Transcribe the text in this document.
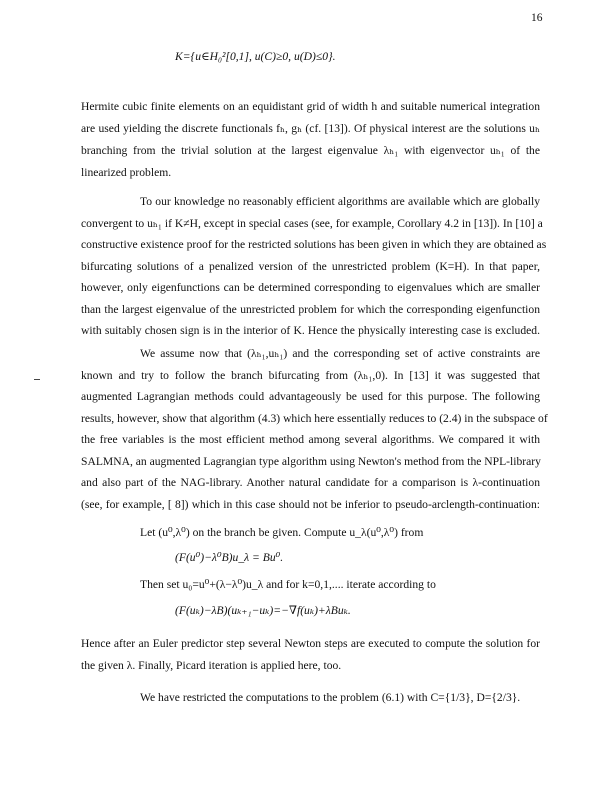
16
K={u∈H₀²[0,1], u(C)≥0, u(D)≤0}.
Hermite cubic finite elements on an equidistant grid of width h and suitable numerical integration
are used yielding the discrete functionals fₕ, gₕ (cf. [13]). Of physical interest are the solutions uₕ
branching from the trivial solution at the largest eigenvalue λₕ₁ with eigenvector uₕ₁ of the
linearized problem.
To our knowledge no reasonably efficient algorithms are available which are globally
convergent to uₕ₁ if K≠H, except in special cases (see, for example, Corollary 4.2 in [13]). In [10] a
constructive existence proof for the restricted solutions has been given in which they are obtained as
bifurcating solutions of a penalized version of the unrestricted problem (K=H). In that paper,
however, only eigenfunctions can be determined corresponding to eigenvalues which are smaller
than the largest eigenvalue of the unrestricted problem for which the corresponding eigenfunction
with suitably chosen sign is in the interior of K. Hence the physically interesting case is excluded.
We assume now that (λₕ₁,uₕ₁) and the corresponding set of active constraints are
known and try to follow the branch bifurcating from (λₕ₁,0). In [13] it was suggested that
augmented Lagrangian methods could advantageously be used for this purpose. The following
results, however, show that algorithm (4.3) which here essentially reduces to (2.4) in the subspace of
the free variables is the most efficient method among several algorithms. We compared it with
SALMNA, an augmented Lagrangian type algorithm using Newton's method from the NPL-library
and also part of the NAG-library. Another natural candidate for a comparison is λ-continuation
(see, for example, [ 8]) which in this case should not be inferior to pseudo-arclength-continuation:
Let (u⁰,λ⁰) on the branch be given. Compute u_λ(u⁰,λ⁰) from
(F(u⁰)−λ⁰B)u_λ = Bu⁰.
Then set u₀=u⁰+(λ−λ⁰)u_λ and for k=0,1,.... iterate according to
(F(uₖ)−λB)(uₖ₊₁−uₖ)=−∇f(uₖ)+λBuₖ.
Hence after an Euler predictor step several Newton steps are executed to compute the solution for
the given λ. Finally, Picard iteration is applied here, too.
We have restricted the computations to the problem (6.1) with C={1/3}, D={2/3}.
